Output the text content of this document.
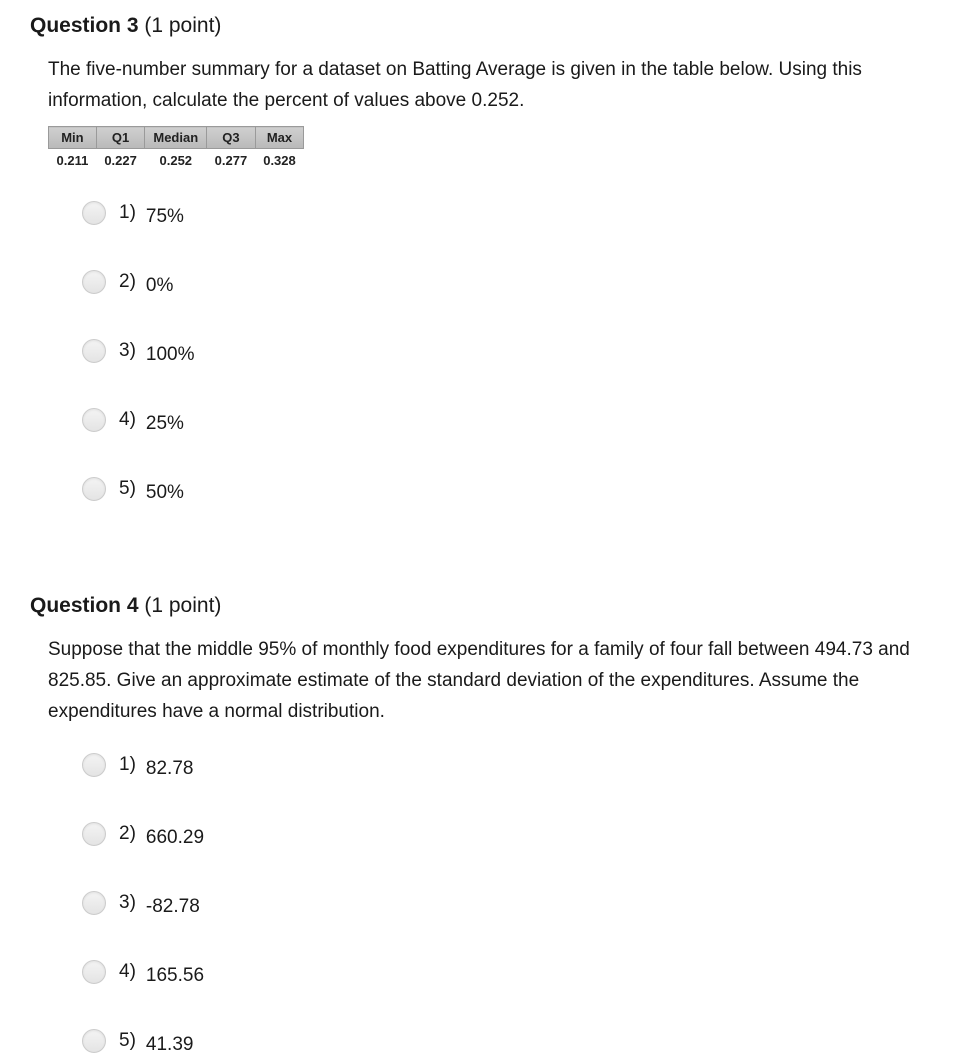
Question 3 (1 point)
The five-number summary for a dataset on Batting Average is given in the table below. Using this information, calculate the percent of values above 0.252.
Min	Q1	Median	Q3	Max
0.211	0.227	0.252	0.277	0.328
1) 75%
2) 0%
3) 100%
4) 25%
5) 50%
Question 4 (1 point)
Suppose that the middle 95% of monthly food expenditures for a family of four fall between 494.73 and 825.85. Give an approximate estimate of the standard deviation of the expenditures. Assume the expenditures have a normal distribution.
1) 82.78
2) 660.29
3) -82.78
4) 165.56
5) 41.39
